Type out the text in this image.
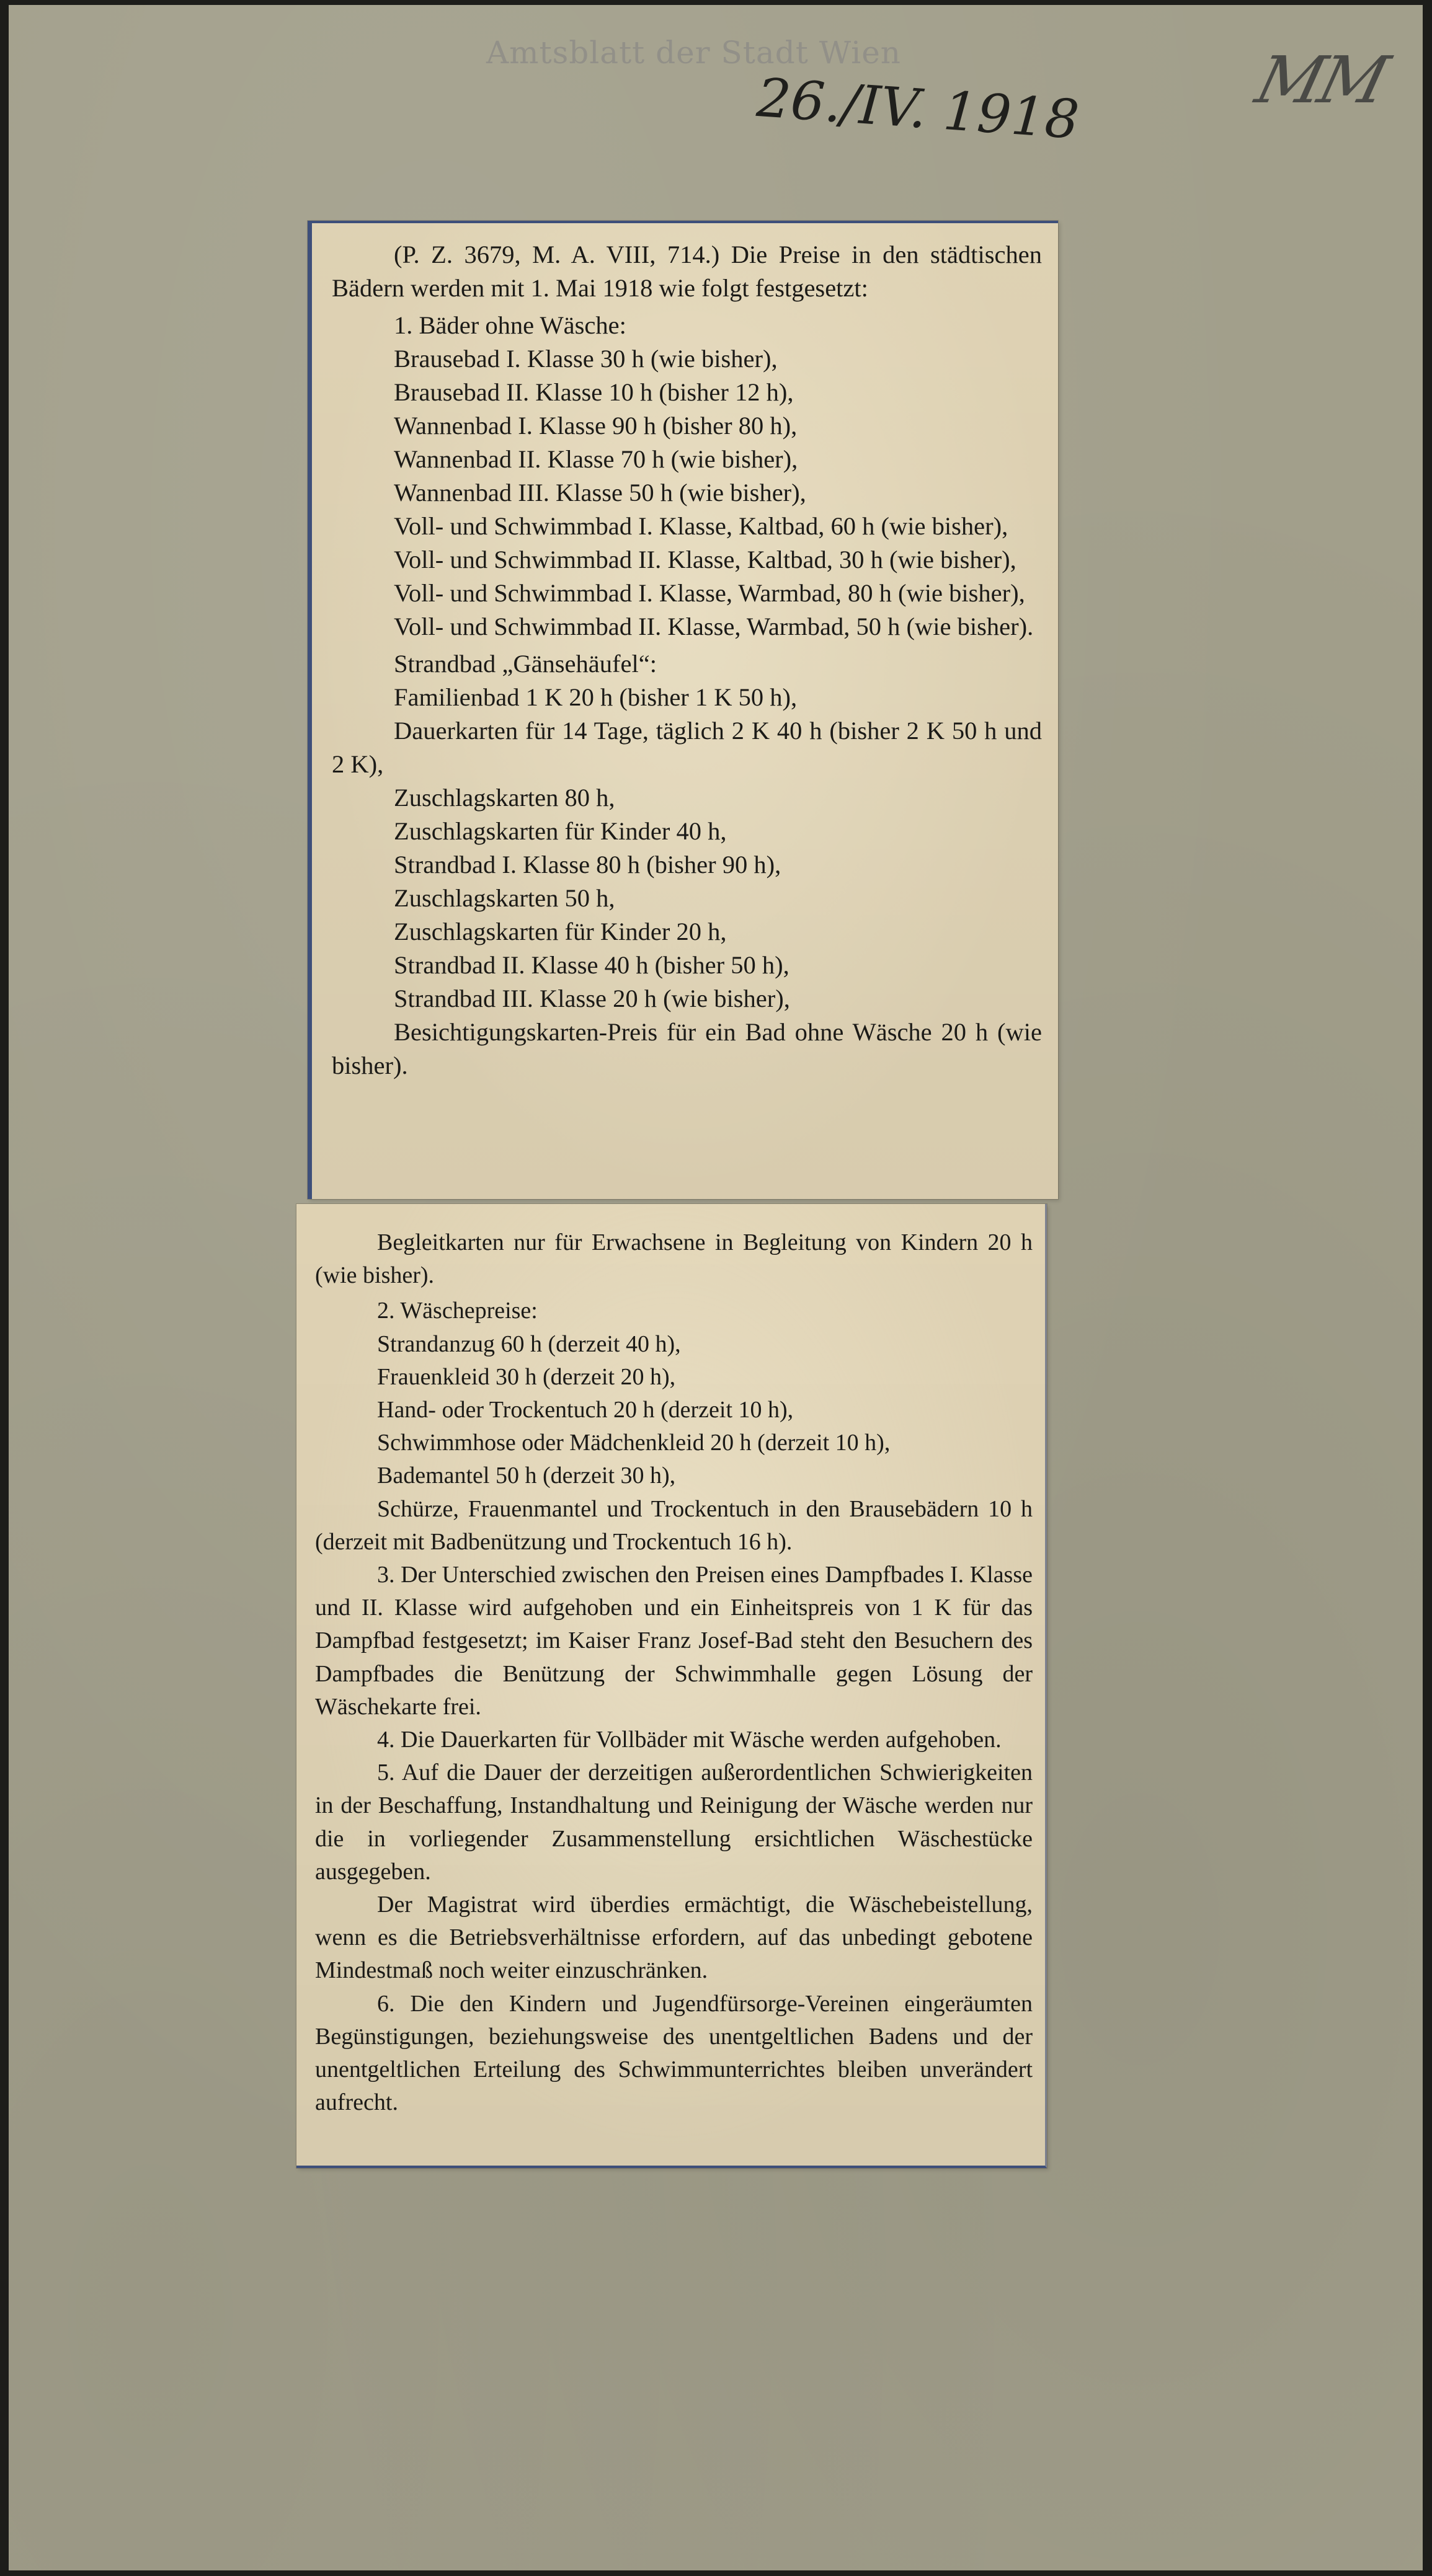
Amtsblatt der Stadt Wien
26./IV. 1918	MM

(P. Z. 3679, M. A. VIII, 714.) Die Preise in den städtischen Bädern werden mit 1. Mai 1918 wie folgt festgesetzt:

1. Bäder ohne Wäsche:

Brausebad I. Klasse 30 h (wie bisher),

Brausebad II. Klasse 10 h (bisher 12 h),

Wannenbad I. Klasse 90 h (bisher 80 h),

Wannenbad II. Klasse 70 h (wie bisher),

Wannenbad III. Klasse 50 h (wie bisher),

Voll- und Schwimmbad I. Klasse, Kaltbad, 60 h (wie bisher),

Voll- und Schwimmbad II. Klasse, Kaltbad, 30 h (wie bisher),

Voll- und Schwimmbad I. Klasse, Warmbad, 80 h (wie bisher),

Voll- und Schwimmbad II. Klasse, Warmbad, 50 h (wie bisher).

Strandbad „Gänsehäufel“:

Familienbad 1 K 20 h (bisher 1 K 50 h),

Dauerkarten für 14 Tage, täglich 2 K 40 h (bisher 2 K 50 h und 2 K),

Zuschlagskarten 80 h,

Zuschlagskarten für Kinder 40 h,

Strandbad I. Klasse 80 h (bisher 90 h),

Zuschlagskarten 50 h,

Zuschlagskarten für Kinder 20 h,

Strandbad II. Klasse 40 h (bisher 50 h),

Strandbad III. Klasse 20 h (wie bisher),

Besichtigungskarten-Preis für ein Bad ohne Wäsche 20 h (wie bisher).

Begleitkarten nur für Erwachsene in Begleitung von Kindern 20 h (wie bisher).

2. Wäschepreise:

Strandanzug 60 h (derzeit 40 h),

Frauenkleid 30 h (derzeit 20 h),

Hand- oder Trockentuch 20 h (derzeit 10 h),

Schwimmhose oder Mädchenkleid 20 h (derzeit 10 h),

Bademantel 50 h (derzeit 30 h),

Schürze, Frauenmantel und Trockentuch in den Brausebädern 10 h (derzeit mit Badbenützung und Trockentuch 16 h).

3. Der Unterschied zwischen den Preisen eines Dampfbades I. Klasse und II. Klasse wird aufgehoben und ein Einheitspreis von 1 K für das Dampfbad festgesetzt; im Kaiser Franz Josef-Bad steht den Besuchern des Dampfbades die Benützung der Schwimmhalle gegen Lösung der Wäschekarte frei.

4. Die Dauerkarten für Vollbäder mit Wäsche werden aufgehoben.

5. Auf die Dauer der derzeitigen außerordentlichen Schwierigkeiten in der Beschaffung, Instandhaltung und Reinigung der Wäsche werden nur die in vorliegender Zusammenstellung ersichtlichen Wäschestücke ausgegeben.

Der Magistrat wird überdies ermächtigt, die Wäschebeistellung, wenn es die Betriebsverhältnisse erfordern, auf das unbedingt gebotene Mindestmaß noch weiter einzuschränken.

6. Die den Kindern und Jugendfürsorge-Vereinen eingeräumten Begünstigungen, beziehungsweise des unentgeltlichen Badens und der unentgeltlichen Erteilung des Schwimmunterrichtes bleiben unverändert aufrecht.
